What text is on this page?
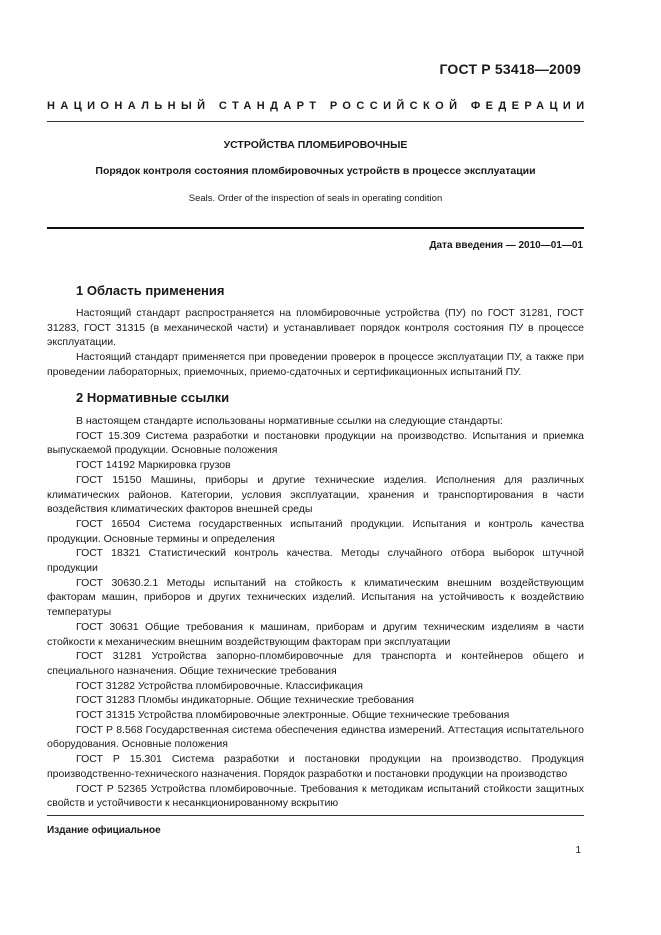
ГОСТ Р 53418—2009
НАЦИОНАЛЬНЫЙ СТАНДАРТ РОССИЙСКОЙ ФЕДЕРАЦИИ
УСТРОЙСТВА ПЛОМБИРОВОЧНЫЕ
Порядок контроля состояния пломбировочных устройств в процессе эксплуатации
Seals. Order of the inspection of seals in operating condition
Дата введения — 2010—01—01
1 Область применения

Настоящий стандарт распространяется на пломбировочные устройства (ПУ) по ГОСТ 31281, ГОСТ 31283, ГОСТ 31315 (в механической части) и устанавливает порядок контроля состояния ПУ в процессе эксплуатации.

Настоящий стандарт применяется при проведении проверок в процессе эксплуатации ПУ, а также при проведении лабораторных, приемочных, приемо-сдаточных и сертификационных испытаний ПУ.

2 Нормативные ссылки

В настоящем стандарте использованы нормативные ссылки на следующие стандарты:

ГОСТ 15.309 Система разработки и постановки продукции на производство. Испытания и приемка выпускаемой продукции. Основные положения

ГОСТ 14192 Маркировка грузов

ГОСТ 15150 Машины, приборы и другие технические изделия. Исполнения для различных климатических районов. Категории, условия эксплуатации, хранения и транспортирования в части воздействия климатических факторов внешней среды

ГОСТ 16504 Система государственных испытаний продукции. Испытания и контроль качества продукции. Основные термины и определения

ГОСТ 18321 Статистический контроль качества. Методы случайного отбора выборок штучной продукции

ГОСТ 30630.2.1 Методы испытаний на стойкость к климатическим внешним воздействующим факторам машин, приборов и других технических изделий. Испытания на устойчивость к воздействию температуры

ГОСТ 30631 Общие требования к машинам, приборам и другим техническим изделиям в части стойкости к механическим внешним воздействующим факторам при эксплуатации

ГОСТ 31281 Устройства запорно-пломбировочные для транспорта и контейнеров общего и специального назначения. Общие технические требования

ГОСТ 31282 Устройства пломбировочные. Классификация

ГОСТ 31283 Пломбы индикаторные. Общие технические требования

ГОСТ 31315 Устройства пломбировочные электронные. Общие технические требования

ГОСТ Р 8.568 Государственная система обеспечения единства измерений. Аттестация испытательного оборудования. Основные положения

ГОСТ Р 15.301 Система разработки и постановки продукции на производство. Продукция производственно-технического назначения. Порядок разработки и постановки продукции на производство

ГОСТ Р 52365 Устройства пломбировочные. Требования к методикам испытаний стойкости защитных свойств и устойчивости к несанкционированному вскрытию

Издание официальное
1
